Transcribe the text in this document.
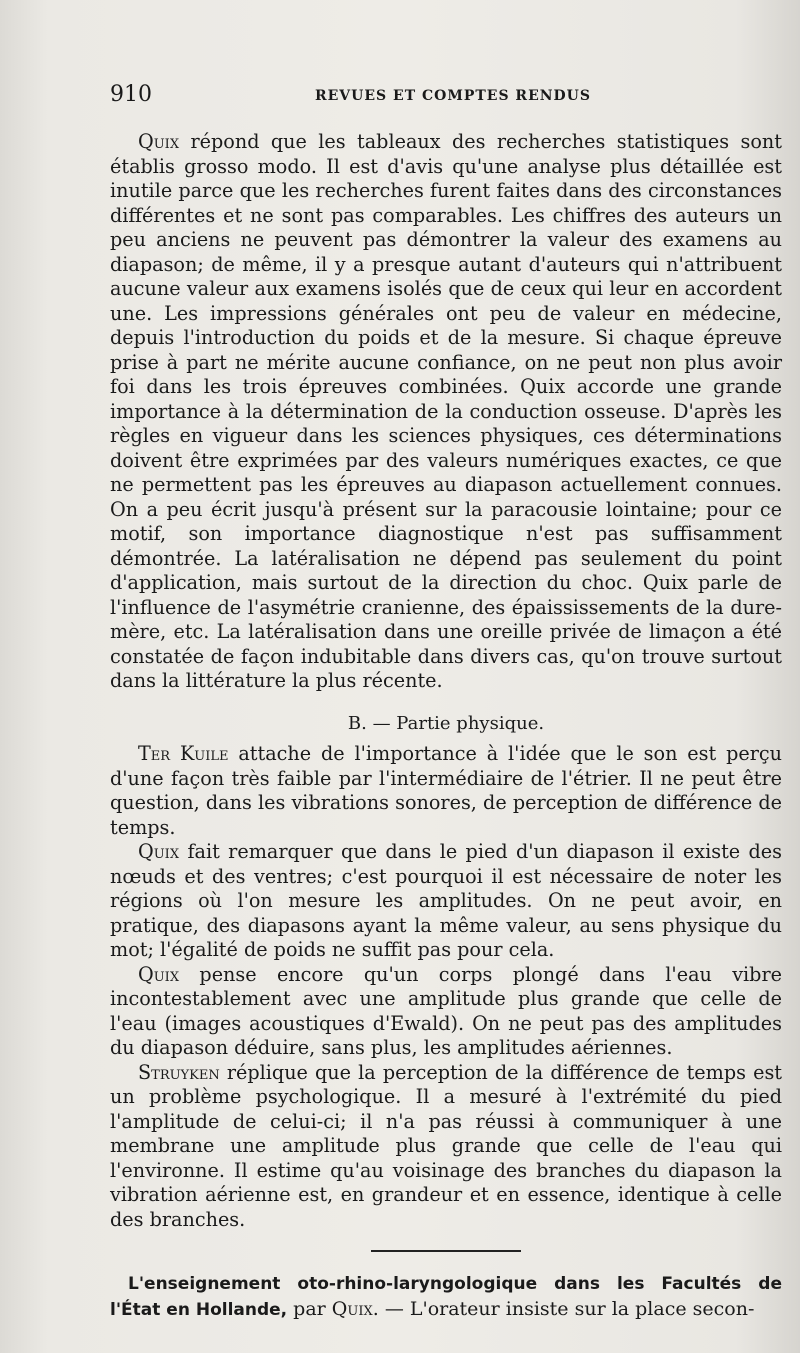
910	REVUES ET COMPTES RENDUS

Quix répond que les tableaux des recherches statistiques sont établis grosso modo. Il est d'avis qu'une analyse plus détaillée est inutile parce que les recherches furent faites dans des circonstances différentes et ne sont pas comparables. Les chiffres des auteurs un peu anciens ne peuvent pas démontrer la valeur des examens au diapason; de même, il y a presque autant d'auteurs qui n'attribuent aucune valeur aux examens isolés que de ceux qui leur en accordent une. Les impressions générales ont peu de valeur en médecine, depuis l'introduction du poids et de la mesure. Si chaque épreuve prise à part ne mérite aucune confiance, on ne peut non plus avoir foi dans les trois épreuves combinées. Quix accorde une grande importance à la détermination de la conduction osseuse. D'après les règles en vigueur dans les sciences physiques, ces déterminations doivent être exprimées par des valeurs numériques exactes, ce que ne permettent pas les épreuves au diapason actuellement connues. On a peu écrit jusqu'à présent sur la paracousie lointaine; pour ce motif, son importance diagnostique n'est pas suffisamment démontrée. La latéralisation ne dépend pas seulement du point d'application, mais surtout de la direction du choc. Quix parle de l'influence de l'asymétrie cranienne, des épaississements de la dure-mère, etc. La latéralisation dans une oreille privée de limaçon a été constatée de façon indubitable dans divers cas, qu'on trouve surtout dans la littérature la plus récente.

B. — Partie physique.

Ter Kuile attache de l'importance à l'idée que le son est perçu d'une façon très faible par l'intermédiaire de l'étrier. Il ne peut être question, dans les vibrations sonores, de perception de différence de temps.

Quix fait remarquer que dans le pied d'un diapason il existe des nœuds et des ventres; c'est pourquoi il est nécessaire de noter les régions où l'on mesure les amplitudes. On ne peut avoir, en pratique, des diapasons ayant la même valeur, au sens physique du mot; l'égalité de poids ne suffit pas pour cela.

Quix pense encore qu'un corps plongé dans l'eau vibre incontestablement avec une amplitude plus grande que celle de l'eau (images acoustiques d'Ewald). On ne peut pas des amplitudes du diapason déduire, sans plus, les amplitudes aériennes.

Struyken réplique que la perception de la différence de temps est un problème psychologique. Il a mesuré à l'extrémité du pied l'amplitude de celui-ci; il n'a pas réussi à communiquer à une membrane une amplitude plus grande que celle de l'eau qui l'environne. Il estime qu'au voisinage des branches du diapason la vibration aérienne est, en grandeur et en essence, identique à celle des branches.

L'enseignement oto-rhino-laryngologique dans les Facultés de l'État en Hollande, par Quix. — L'orateur insiste sur la place secon-
